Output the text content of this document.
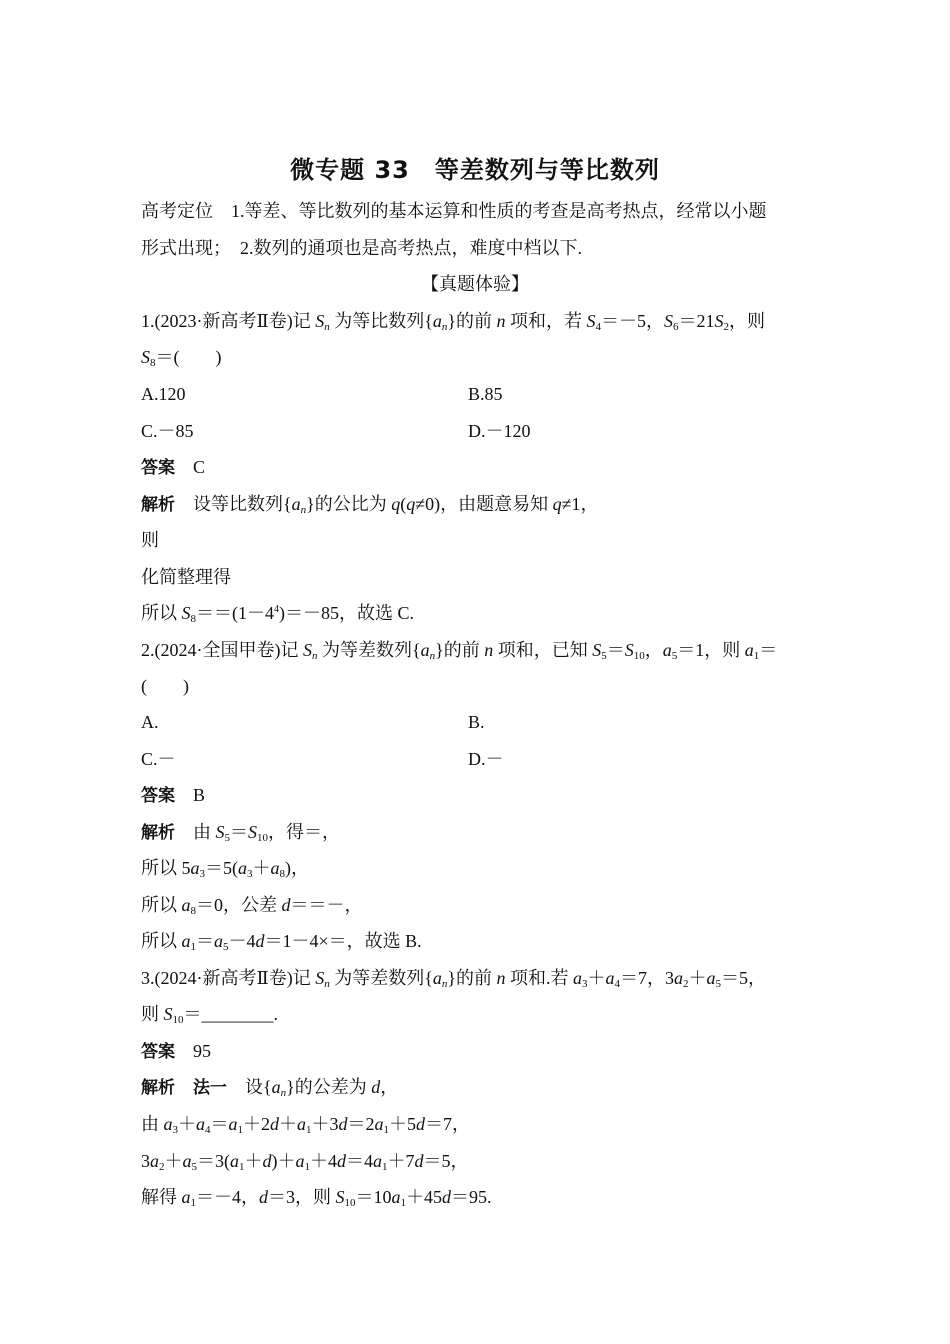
微专题 33　等差数列与等比数列
高考定位 1.等差、等比数列的基本运算和性质的考查是高考热点，经常以小题
形式出现；　2.数列的通项也是高考热点，难度中档以下.
【真题体验】
1.(2023·新高考Ⅱ卷)记 $S_n$ 为等比数列$\{a_n\}$的前 n 项和，若 $S_4=-5$，$S_6=21S_2$，则
$S_8=$(　　)
A.120	B.85
C.－85	D.－120
答案 C
解析 设等比数列$\{a_n\}$的公比为 q(q≠0)，由题意易知 q≠1，
则
化简整理得
所以 $S_8==(1-4^4)=-85$，故选 C.
2.(2024·全国甲卷)记 $S_n$ 为等差数列$\{a_n\}$的前 n 项和，已知 $S_5=S_{10}$，$a_5=1$，则 $a_1=$
(　　)
A.	B.
C.－	D.－
答案 B
解析 由 $S_5=S_{10}$，得＝，
所以 $5a_3=5(a_3+a_8)$，
所以 $a_8=0$，公差 d＝＝－，
所以 $a_1=a_5-4d=1-4\times=$，故选 B.
3.(2024·新高考Ⅱ卷)记 $S_n$ 为等差数列$\{a_n\}$的前 n 项和.若 $a_3+a_4=7$，$3a_2+a_5=5$，
则 $S_{10}=\_\_\_\_\_\_\_\_$.
答案 95
解析 法一 设$\{a_n\}$的公差为 d，
由 $a_3+a_4=a_1+2d+a_1+3d=2a_1+5d=7$，
$3a_2+a_5=3(a_1+d)+a_1+4d=4a_1+7d=5$，
解得 $a_1=-4$，d＝3，则 $S_{10}=10a_1+45d=95$.
